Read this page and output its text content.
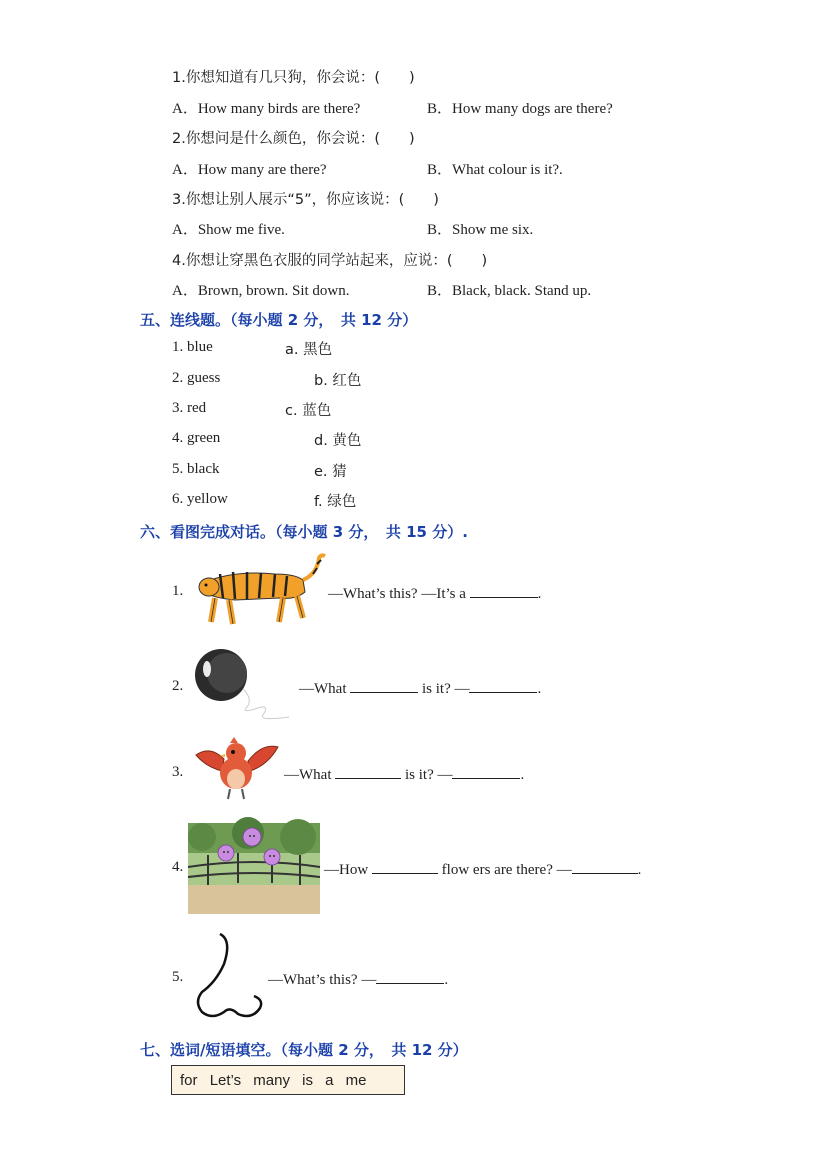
1.你想知道有几只狗，你会说：(　　)
A．How many birds are there?	B．How many dogs are there?
2.你想问是什么颜色，你会说：(　　)
A．How many are there?	B．What colour is it?.
3.你想让别人展示“5”，你应该说：(　　)
A．Show me five.	B．Show me six.
4.你想让穿黑色衣服的同学站起来，应说：(　　)
A．Brown, brown. Sit down.	B．Black, black. Stand up.
五、连线题。（每小题 2 分，　共 12 分）
1. blue	a. 黑色
2. guess	b. 红色
3. red	c. 蓝色
4. green	d. 黄色
5. black	e. 猜
6. yellow	f. 绿色
六、看图完成对话。（每小题 3 分，　共 15 分）.
1.	—What’s this? —It’s a	.
2.	—What	is it? —	.
3.	—What	is it? —	.
4.	—How	flow ers are there? —	.
5.	—What’s this? —	.
七、选词/短语填空。（每小题 2 分，　共 12 分）
for Let’s many is a me
